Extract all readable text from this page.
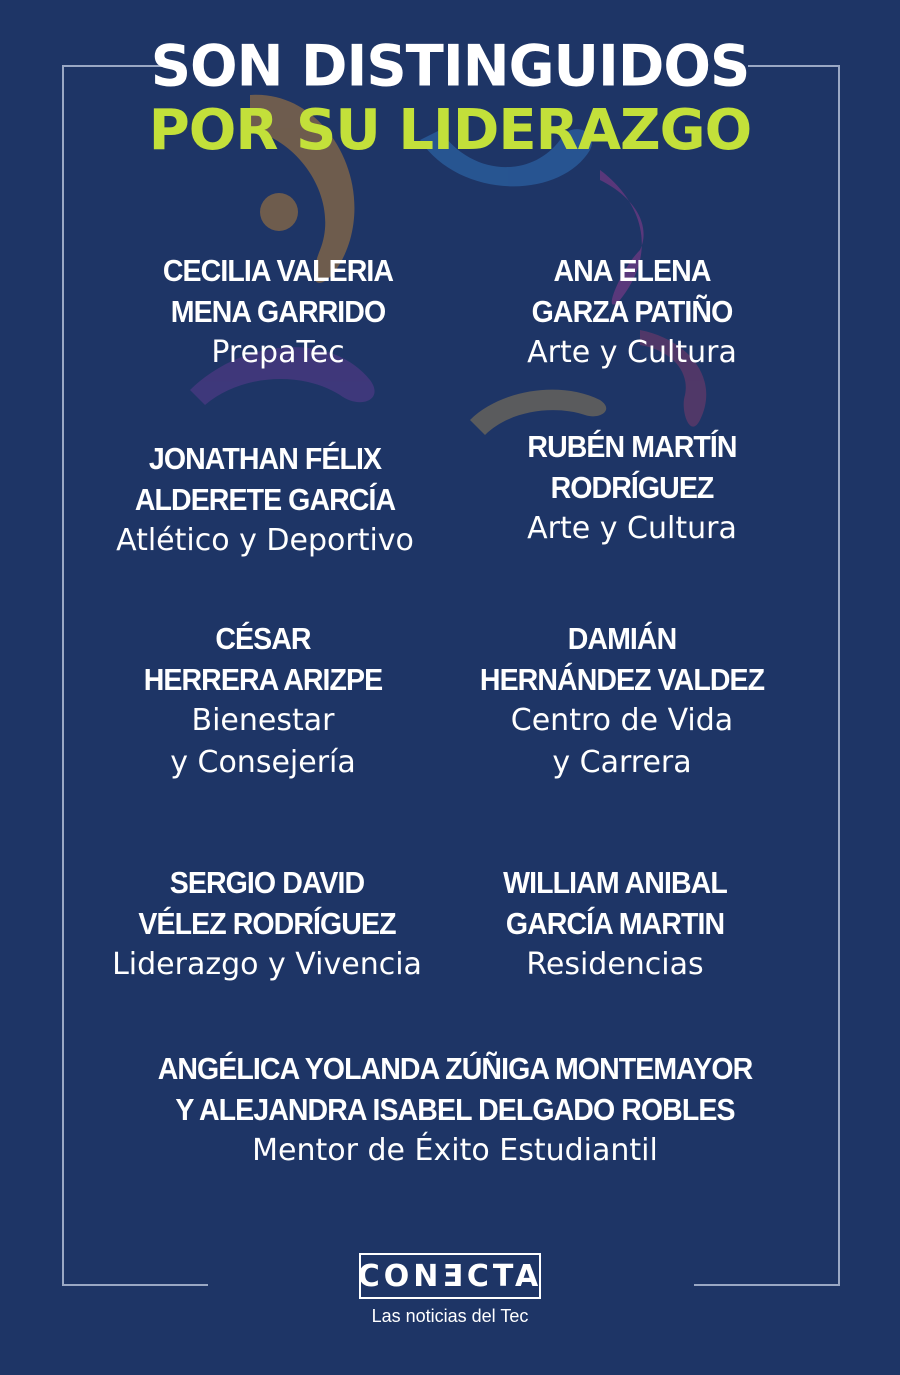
SON DISTINGUIDOS
POR SU LIDERAZGO
CECILIA VALERIA
MENA GARRIDO
PrepaTec
ANA ELENA
GARZA PATIÑO
Arte y Cultura
JONATHAN FÉLIX
ALDERETE GARCÍA
Atlético y Deportivo
RUBÉN MARTÍN
RODRÍGUEZ
Arte y Cultura
CÉSAR
HERRERA ARIZPE
Bienestar
y Consejería
DAMIÁN
HERNÁNDEZ VALDEZ
Centro de Vida
y Carrera
SERGIO DAVID
VÉLEZ RODRÍGUEZ
Liderazgo y Vivencia
WILLIAM ANIBAL
GARCÍA MARTIN
Residencias
ANGÉLICA YOLANDA ZÚÑIGA MONTEMAYOR
Y ALEJANDRA ISABEL DELGADO ROBLES
Mentor de Éxito Estudiantil
CONƎCTA
Las noticias del Tec
